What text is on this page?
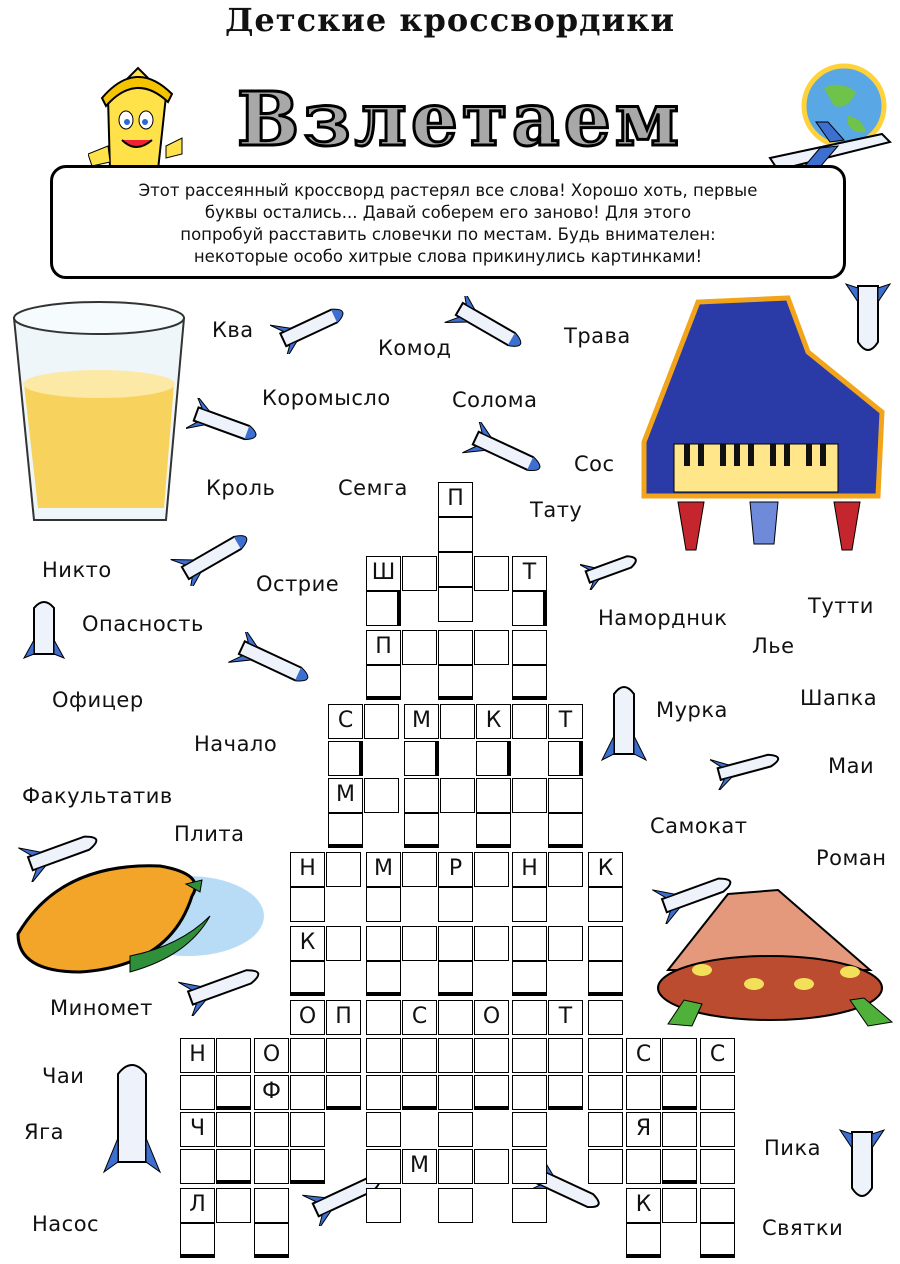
Детские кроссвордики
Взлетаем
Этот рассеянный кроссворд растерял все слова! Хорошо хоть, первые
буквы остались... Давай соберем его заново! Для этого
попробуй расставить словечки по местам. Будь внимателен:
некоторые особо хитрые слова прикинулись картинками!
Ква
Комод	Трава
Коромысло	Солома
Сос
Тату
Кроль	Семга
Никто
Острие
Наморднuк	Тутти
Опасность
Лье
Офицер	Мурка	Шапка
Начало
Маи
Факультатив
Плита	Самокат
Роман
Миномет
Чаи
Яга
Пика
Насос	Святки
П
Ш	Т
П
С	М	К	Т
М
Н	М	Р	Н	К
К
О П	С	О	Т
Н	О	С	С
Ф
Ч	Я
М
Л	К
